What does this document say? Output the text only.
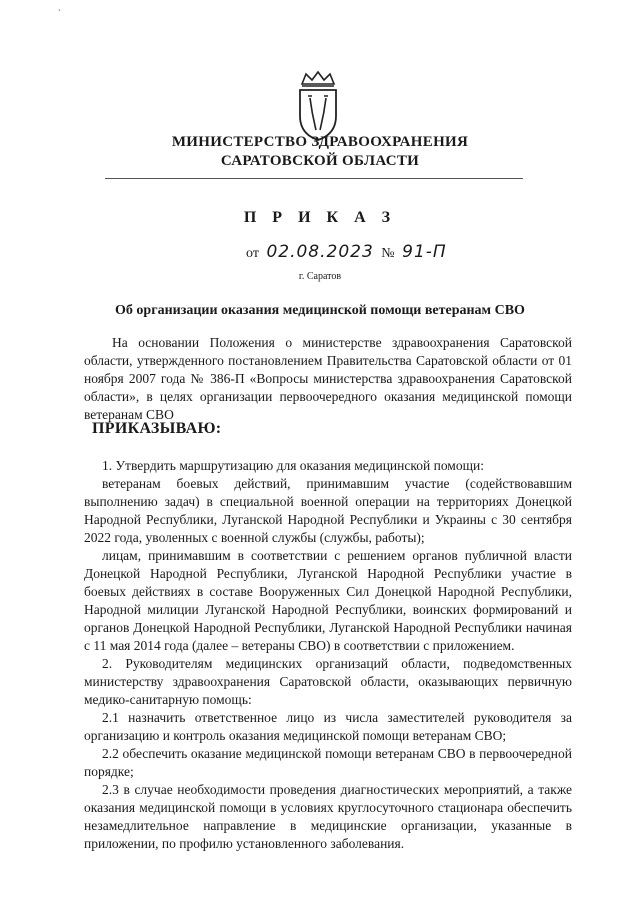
`
МИНИСТЕРСТВО ЗДРАВООХРАНЕНИЯ
САРАТОВСКОЙ ОБЛАСТИ
П Р И К А З
от 02.08.2023 № 91-П
г. Саратов
Об организации оказания медицинской помощи ветеранам СВО

На основании Положения о министерстве здравоохранения Саратовской области, утвержденного постановлением Правительства Саратовской области от 01 ноября 2007 года № 386-П «Вопросы министерства здравоохранения Саратовской области», в целях организации первоочередного оказания медицинской помощи ветеранам СВО

ПРИКАЗЫВАЮ:

1. Утвердить маршрутизацию для оказания медицинской помощи:

ветеранам боевых действий, принимавшим участие (содействовавшим выполнению задач) в специальной военной операции на территориях Донецкой Народной Республики, Луганской Народной Республики и Украины с 30 сентября 2022 года, уволенных с военной службы (службы, работы);

лицам, принимавшим в соответствии с решением органов публичной власти Донецкой Народной Республики, Луганской Народной Республики участие в боевых действиях в составе Вооруженных Сил Донецкой Народной Республики, Народной милиции Луганской Народной Республики, воинских формирований и органов Донецкой Народной Республики, Луганской Народной Республики начиная с 11 мая 2014 года (далее – ветераны СВО) в соответствии с приложением.

2. Руководителям медицинских организаций области, подведомственных министерству здравоохранения Саратовской области, оказывающих первичную медико-санитарную помощь:

2.1 назначить ответственное лицо из числа заместителей руководителя за организацию и контроль оказания медицинской помощи ветеранам СВО;

2.2 обеспечить оказание медицинской помощи ветеранам СВО в первоочередной порядке;

2.3 в случае необходимости проведения диагностических мероприятий, а также оказания медицинской помощи в условиях круглосуточного стационара обеспечить незамедлительное направление в медицинские организации, указанные в приложении, по профилю установленного заболевания.
